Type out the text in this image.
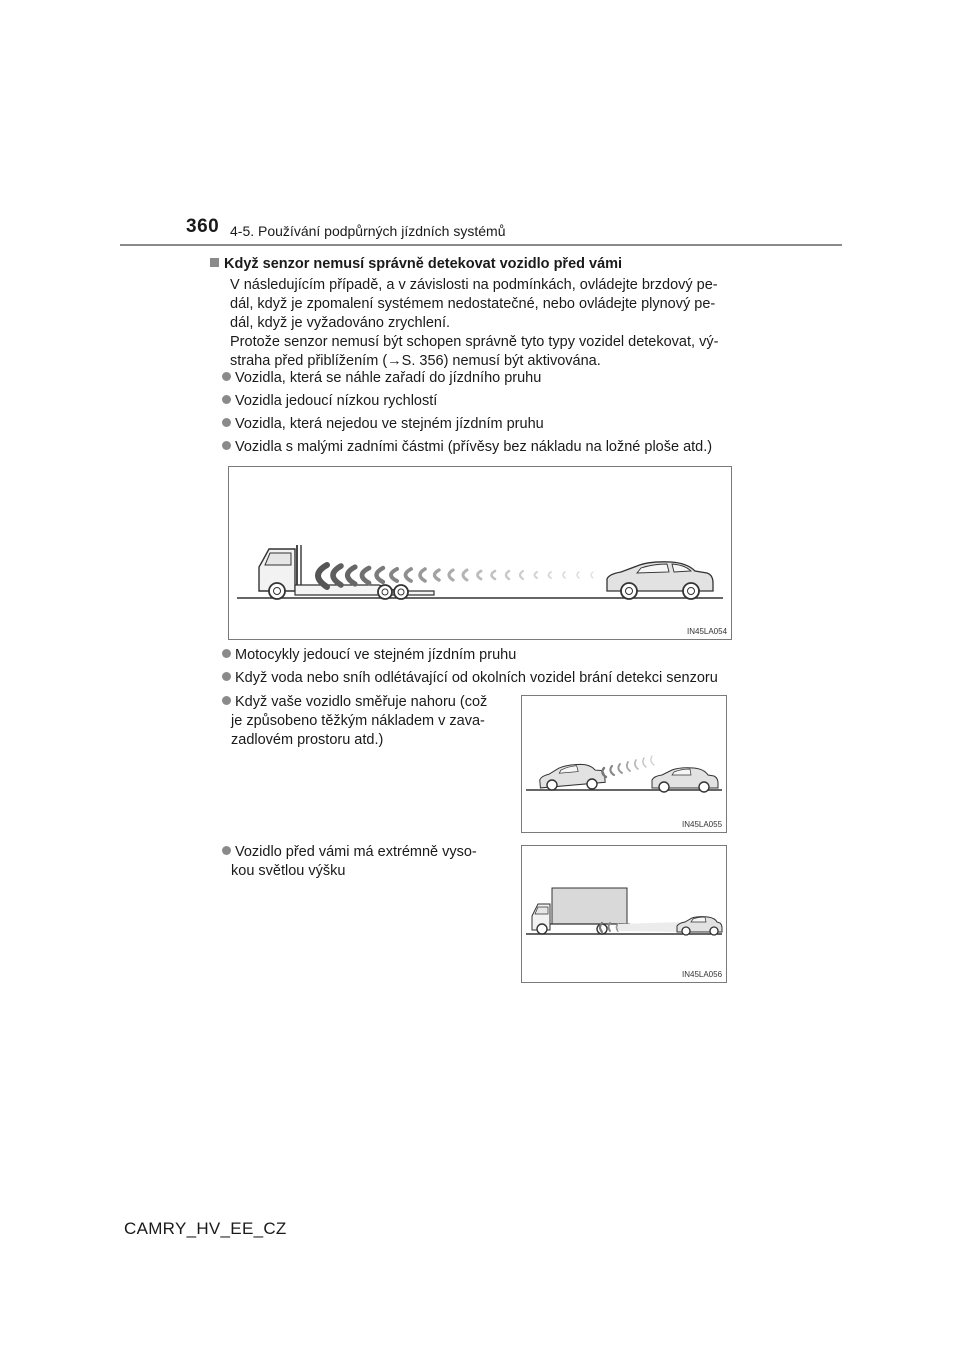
360 4-5. Používání podpůrných jízdních systémů
Když senzor nemusí správně detekovat vozidlo před vámi
V následujícím případě, a v závislosti na podmínkách, ovládejte brzdový pe-
dál, když je zpomalení systémem nedostatečné, nebo ovládejte plynový pe-
dál, když je vyžadováno zrychlení.
Protože senzor nemusí být schopen správně tyto typy vozidel detekovat, vý-
straha před přiblížením (→S. 356) nemusí být aktivována.
Vozidla, která se náhle zařadí do jízdního pruhu
Vozidla jedoucí nízkou rychlostí
Vozidla, která nejedou ve stejném jízdním pruhu
Vozidla s malými zadními částmi (přívěsy bez nákladu na ložné ploše atd.)
IN45LA054
Motocykly jedoucí ve stejném jízdním pruhu
Když voda nebo sníh odlétávající od okolních vozidel brání detekci senzoru
Když vaše vozidlo směřuje nahoru (což
je způsobeno těžkým nákladem v zava-
zadlovém prostoru atd.)
IN45LA055
Vozidlo před vámi má extrémně vyso-
kou světlou výšku
IN45LA056
CAMRY_HV_EE_CZ
